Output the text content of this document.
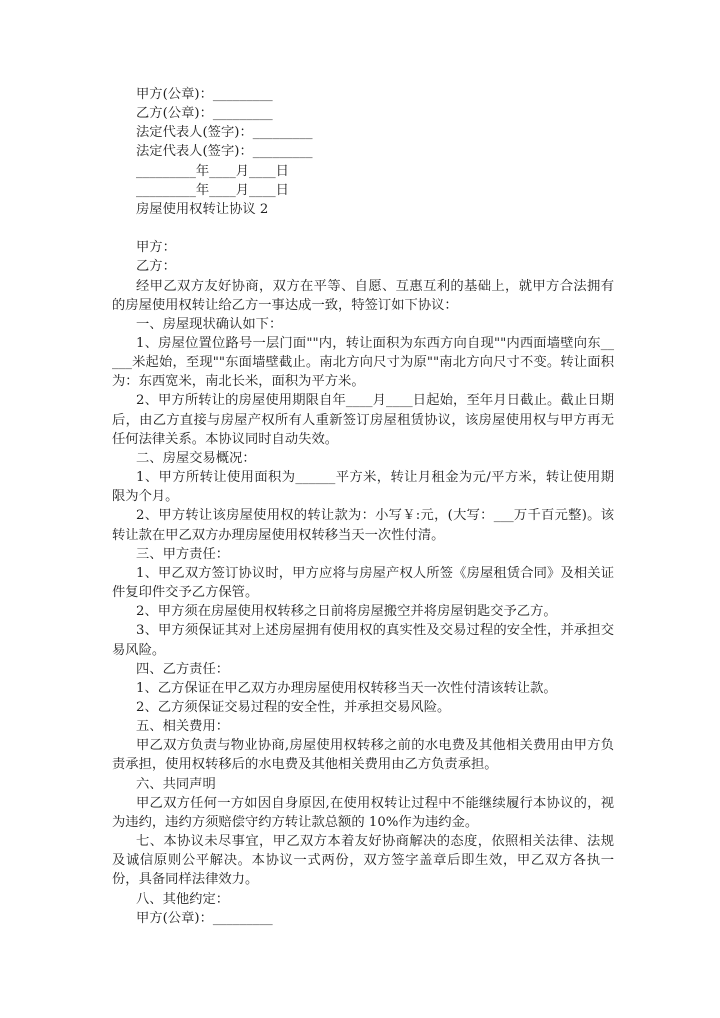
甲方(公章)：_________

乙方(公章)：_________

法定代表人(签字)：_________

法定代表人(签字)：_________

_________年____月____日

_________年____月____日

房屋使用权转让协议 2

甲方：

乙方：

经甲乙双方友好协商，双方在平等、自愿、互惠互利的基础上，就甲方合法拥有的房屋使用权转让给乙方一事达成一致，特签订如下协议：

一、房屋现状确认如下：

1、房屋位置位路号一层门面""内，转让面积为东西方向自现""内西面墙壁向东_____米起始，至现""东面墙壁截止。南北方向尺寸为原""南北方向尺寸不变。转让面积为：东西宽米，南北长米，面积为平方米。

2、甲方所转让的房屋使用期限自年____月____日起始，至年月日截止。截止日期后，由乙方直接与房屋产权所有人重新签订房屋租赁协议，该房屋使用权与甲方再无任何法律关系。本协议同时自动失效。

二、房屋交易概况：

1、甲方所转让使用面积为______平方米，转让月租金为元/平方米，转让使用期限为个月。

2、甲方转让该房屋使用权的转让款为：小写￥:元，(大写：___万千百元整)。该转让款在甲乙双方办理房屋使用权转移当天一次性付清。

三、甲方责任：

1、甲乙双方签订协议时，甲方应将与房屋产权人所签《房屋租赁合同》及相关证件复印件交予乙方保管。

2、甲方须在房屋使用权转移之日前将房屋搬空并将房屋钥匙交予乙方。

3、甲方须保证其对上述房屋拥有使用权的真实性及交易过程的安全性，并承担交易风险。

四、乙方责任：

1、乙方保证在甲乙双方办理房屋使用权转移当天一次性付清该转让款。

2、乙方须保证交易过程的安全性，并承担交易风险。

五、相关费用：

甲乙双方负责与物业协商,房屋使用权转移之前的水电费及其他相关费用由甲方负责承担，使用权转移后的水电费及其他相关费用由乙方负责承担。

六、共同声明

甲乙双方任何一方如因自身原因,在使用权转让过程中不能继续履行本协议的，视为违约，违约方须赔偿守约方转让款总额的 10%作为违约金。

七、本协议未尽事宜，甲乙双方本着友好协商解决的态度，依照相关法律、法规及诚信原则公平解决。本协议一式两份，双方签字盖章后即生效，甲乙双方各执一份，具备同样法律效力。

八、其他约定：

甲方(公章)：_________
